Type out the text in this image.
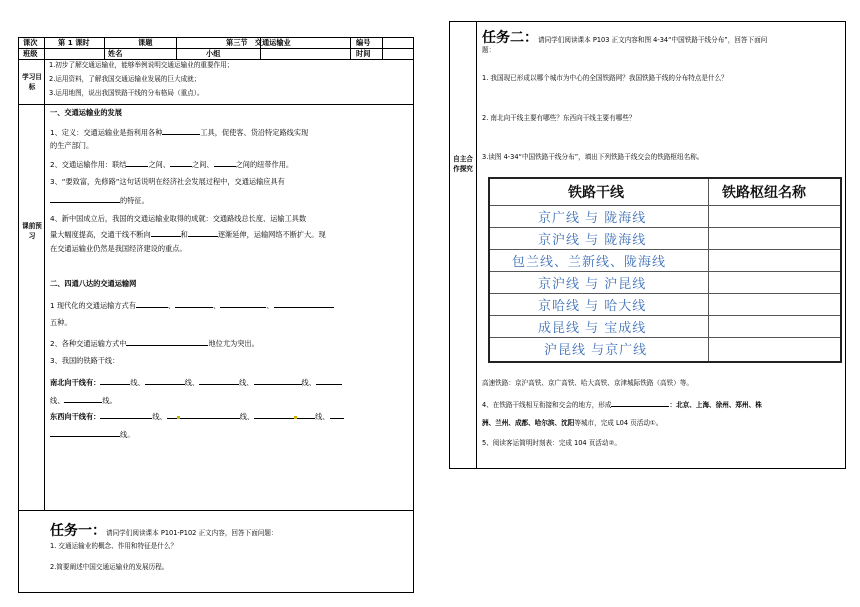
课次	第 1 课时	课题	第三节　交通运输业	编号
班级	姓名	小组	时间
学习目标
1.初步了解交通运输业，能够举例说明交通运输业的重要作用；
2.运用资料，了解我国交通运输业发展的巨大成就；
3.运用地图，说出我国铁路干线的分布格局（重点）。
课前预习
一、交通运输业的发展
1、定义：交通运输业是指利用各种	工具，促使客、货沿特定路线实现
的生产部门。
2、交通运输作用：联结	之间、	之间、	之间的纽带作用。
3、“要致富，先修路”这句话说明在经济社会发展过程中，交通运输应具有
的特征。
4、新中国成立后，我国的交通运输业取得的成就：交通路线总长度、运输工具数
量大幅度提高，交通干线不断向	和	逐渐延伸，运输网络不断扩大。现
在交通运输业仍然是我国经济建设的重点。
二、四通八达的交通运输网
1 现代化的交通运输方式有	、	、	、
五种。
2、各种交通运输方式中	地位尤为突出。
3、我国的铁路干线：
南北向干线有：	线、	线、	线、	线、
线、	线。
东西向干线有：	线、	线、	线、
线。
任务一：请同学们阅读课本 P101-P102 正文内容，回答下面问题：
1. 交通运输业的概念、作用和特征是什么？
2.简要阐述中国交通运输业的发展历程。
自主合作探究
任务二：请同学们阅读课本 P103 正文内容和图 4-34“中国铁路干线分布”，回答下面问
题：
1. 我国现已形成以哪个城市为中心的全国铁路网？我国铁路干线的分布特点是什么？
2. 南北向干线主要有哪些？东西向干线主要有哪些？
3.读图 4-34“中国铁路干线分布”，填出下列铁路干线交会的铁路枢纽名称。
铁路干线	铁路枢纽名称
京广线 与 陇海线
京沪线 与 陇海线
包兰线、兰新线、陇海线
京沪线 与 沪昆线
京哈线 与 哈大线
成昆线 与 宝成线
沪昆线 与京广线
高速铁路：京沪高铁、京广高铁、哈大高铁、京津城际铁路（高铁）等。
4、在铁路干线相互衔接和交会的地方，形成	：北京、上海、徐州、郑州、株
洲、兰州、成都、哈尔滨、沈阳等城市，完成 L04 页活动①。
5、阅读客运简明时刻表：完成 104 页活动②。
